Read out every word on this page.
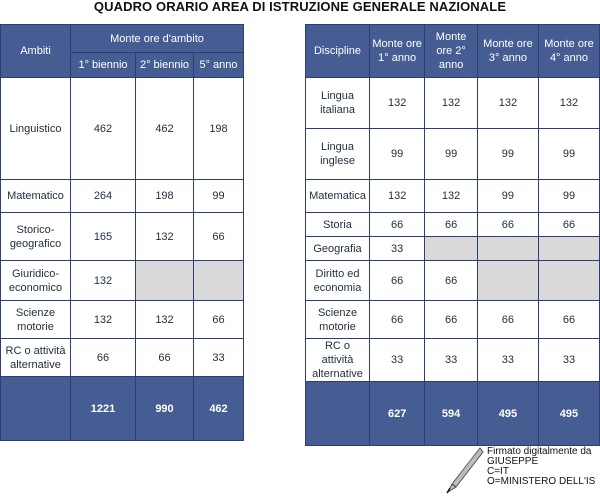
QUADRO ORARIO AREA DI ISTRUZIONE GENERALE NAZIONALE
Ambiti	Monte ore d'ambito		
	1° biennio	2° biennio	5° anno
Linguistico	462	462	198
Matematico	264	198	99
Storico-geografico	165	132	66
Giuridico-economico	132		
Scienze motorie	132	132	66
RC o attività alternative	66	66	33
	1221	990	462
Discipline	Monte ore 1° anno	Monte ore 2° anno	Monte ore 3° anno	Monte ore 4° anno
Lingua italiana	132	132	132	132
Lingua inglese	99	99	99	99
Matematica	132	132	99	99
Storia	66	66	66	66
Geografia	33			
Diritto ed economia	66	66		
Scienze motorie	66	66	66	66
RC o attività alternative	33	33	33	33
	627	594	495	495
Firmato digitalmente da
GIUSEPPE
C=IT
O=MINISTERO DELL'IS
